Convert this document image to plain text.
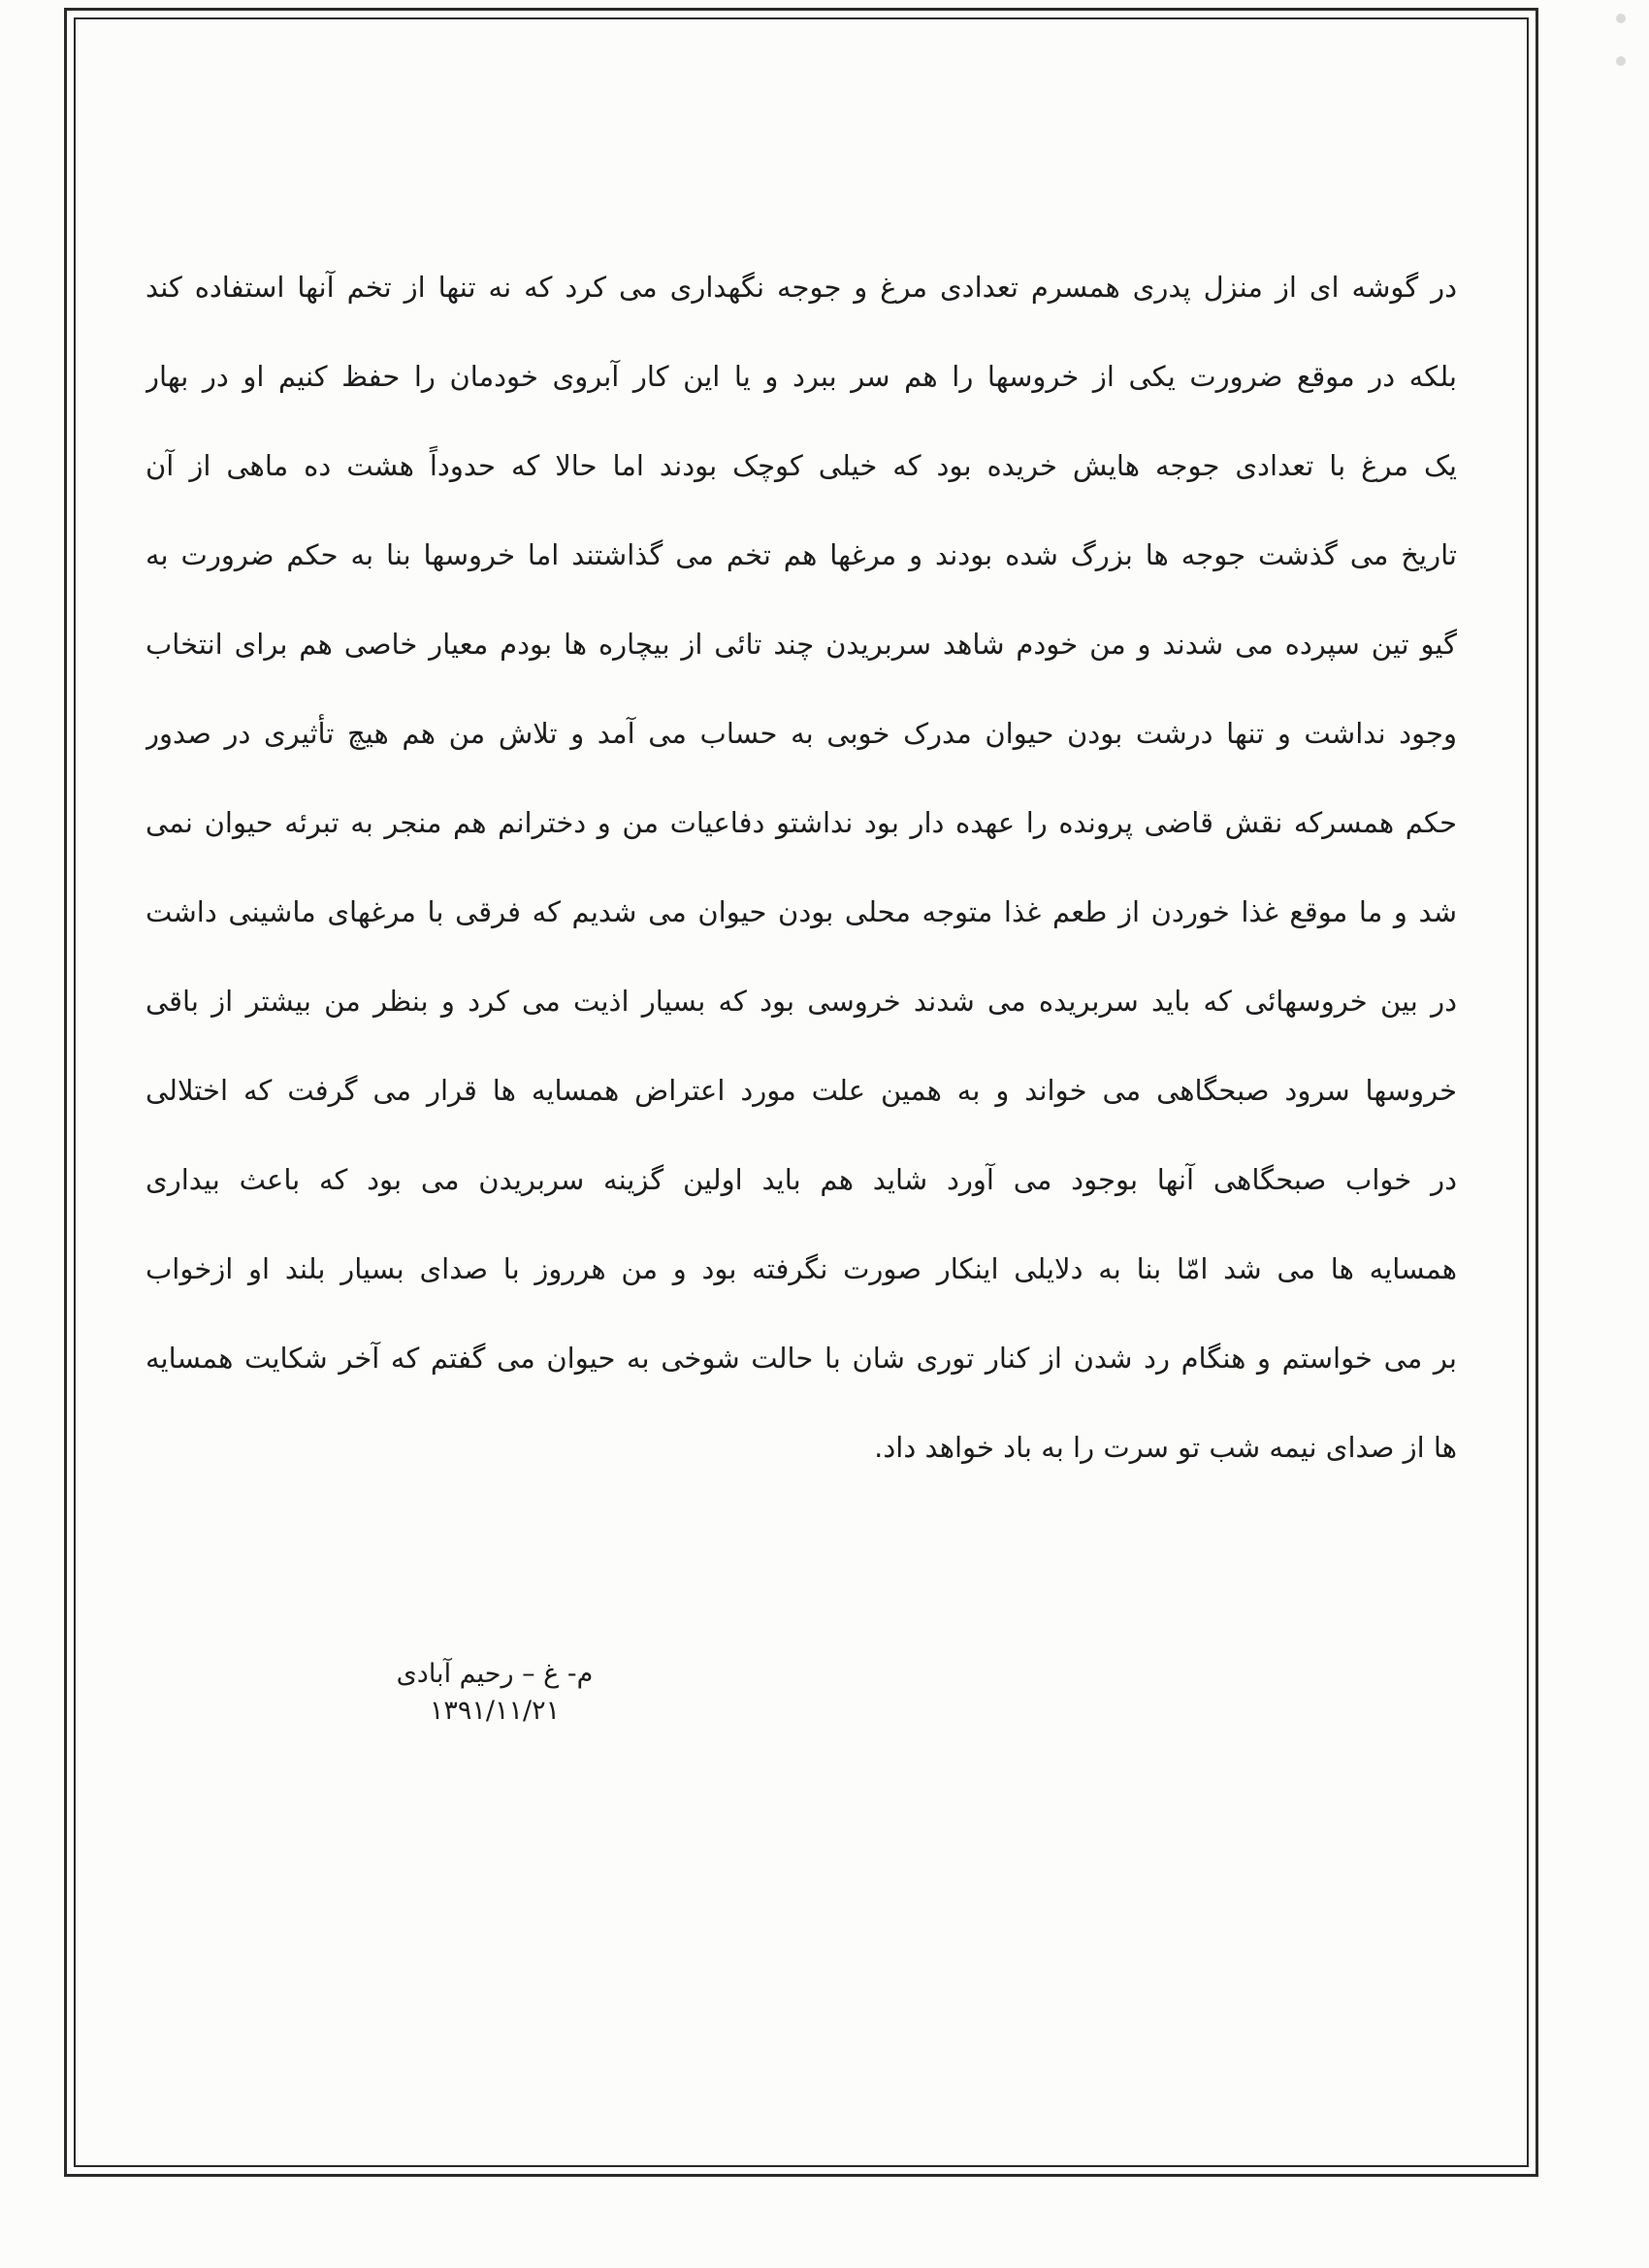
در گوشه ای از منزل پدری همسرم تعدادی مرغ و جوجه نگهداری می کرد که نه تنها از تخم آنها استفاده کند
بلکه در موقع ضرورت یکی از خروسها را هم سر ببرد و یا این کار آبروی خودمان را حفظ کنیم او در بهار
یک مرغ با تعدادی جوجه هایش خریده بود که خیلی کوچک بودند اما حالا که حدوداً هشت ده ماهی از آن
تاریخ می گذشت جوجه ها بزرگ شده بودند و مرغها هم تخم می گذاشتند اما خروسها بنا به حکم ضرورت به
گیو تین سپرده می شدند و من خودم شاهد سربریدن چند تائی از بیچاره ها بودم معیار خاصی هم برای انتخاب
وجود نداشت و تنها درشت بودن حیوان مدرک خوبی به حساب می آمد و تلاش من هم هیچ تأثیری در صدور
حکم همسرکه نقش قاضی پرونده را عهده دار بود نداشتو دفاعیات من و دخترانم هم منجر به تبرئه حیوان نمی
شد و ما موقع غذا خوردن از طعم غذا متوجه محلی بودن حیوان می شدیم که فرقی با مرغهای ماشینی داشت
در بین خروسهائی که باید سربریده می شدند خروسی بود که بسیار اذیت می کرد و بنظر من بیشتر از باقی
خروسها سرود صبحگاهی می خواند و به همین علت مورد اعتراض همسایه ها قرار می گرفت که اختلالی
در خواب صبحگاهی آنها بوجود می آورد شاید هم باید اولین گزینه سربریدن می بود که باعث بیداری
همسایه ها می شد امّا بنا به دلایلی اینکار صورت نگرفته بود و من هرروز با صدای بسیار بلند او ازخواب
بر می خواستم و هنگام رد شدن از کنار توری شان با حالت شوخی به حیوان می گفتم که آخر شکایت همسایه
ها از صدای نیمه شب تو سرت را به باد خواهد داد.
م- غ – رحیم آبادی
١٣٩١/١١/٢١
